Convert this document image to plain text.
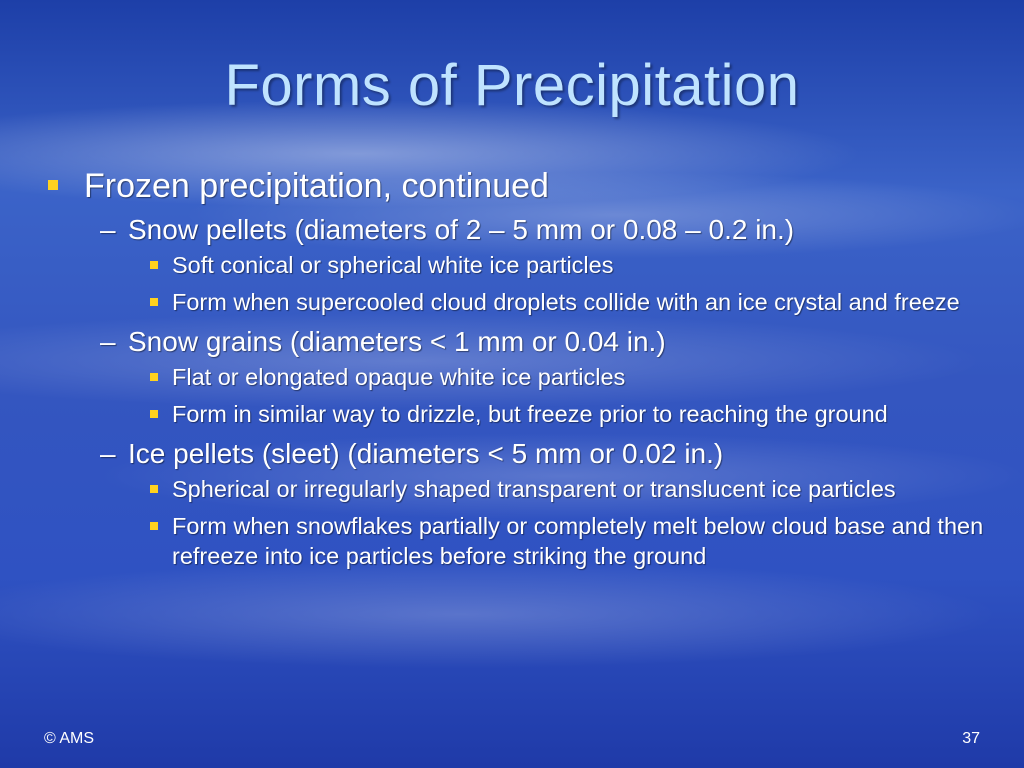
Forms of Precipitation
Frozen precipitation, continued
– Snow pellets (diameters of 2 – 5 mm or 0.08 – 0.2 in.)
Soft conical or spherical white ice particles
Form when supercooled cloud droplets collide with an ice crystal and freeze
– Snow grains (diameters < 1 mm or 0.04 in.)
Flat or elongated opaque white ice particles
Form in similar way to drizzle, but freeze prior to reaching the ground
– Ice pellets (sleet) (diameters < 5 mm or 0.02 in.)
Spherical or irregularly shaped transparent or translucent ice particles
Form when snowflakes partially or completely melt below cloud base and then refreeze into ice particles before striking the ground
© AMS	37
